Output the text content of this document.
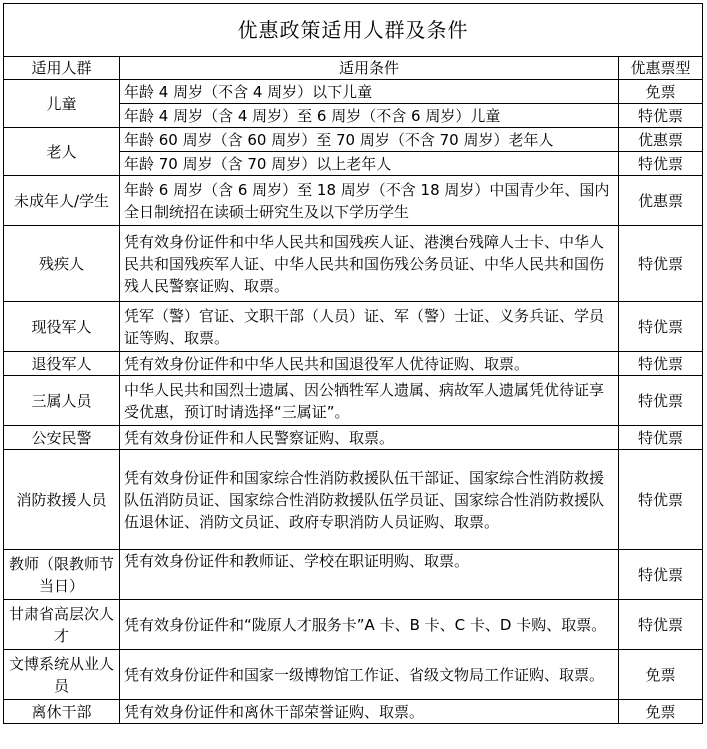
优惠政策适用人群及条件		
适用人群	适用条件	优惠票型
儿童	年龄 4 周岁（不含 4 周岁）以下儿童	免票
	年龄 4 周岁（含 4 周岁）至 6 周岁（不含 6 周岁）儿童	特优票
老人	年龄 60 周岁（含 60 周岁）至 70 周岁（不含 70 周岁）老年人	优惠票
	年龄 70 周岁（含 70 周岁）以上老年人	特优票
未成年人/学生	年龄 6 周岁（含 6 周岁）至 18 周岁（不含 18 周岁）中国青少年、国内全日制统招在读硕士研究生及以下学历学生	优惠票
残疾人	凭有效身份证件和中华人民共和国残疾人证、港澳台残障人士卡、中华人民共和国残疾军人证、中华人民共和国伤残公务员证、中华人民共和国伤残人民警察证购、取票。	特优票
现役军人	凭军（警）官证、文职干部（人员）证、军（警）士证、义务兵证、学员证等购、取票。	特优票
退役军人	凭有效身份证件和中华人民共和国退役军人优待证购、取票。	特优票
三属人员	中华人民共和国烈士遗属、因公牺牲军人遗属、病故军人遗属凭优待证享受优惠，预订时请选择“三属证”。	特优票
公安民警	凭有效身份证件和人民警察证购、取票。	特优票
消防救援人员	凭有效身份证件和国家综合性消防救援队伍干部证、国家综合性消防救援队伍消防员证、国家综合性消防救援队伍学员证、国家综合性消防救援队伍退休证、消防文员证、政府专职消防人员证购、取票。	特优票
教师（限教师节当日）	凭有效身份证件和教师证、学校在职证明购、取票。	特优票
甘肃省高层次人才	凭有效身份证件和“陇原人才服务卡”A 卡、B 卡、C 卡、D 卡购、取票。	特优票
文博系统从业人员	凭有效身份证件和国家一级博物馆工作证、省级文物局工作证购、取票。	免票
离休干部	凭有效身份证件和离休干部荣誉证购、取票。	免票
